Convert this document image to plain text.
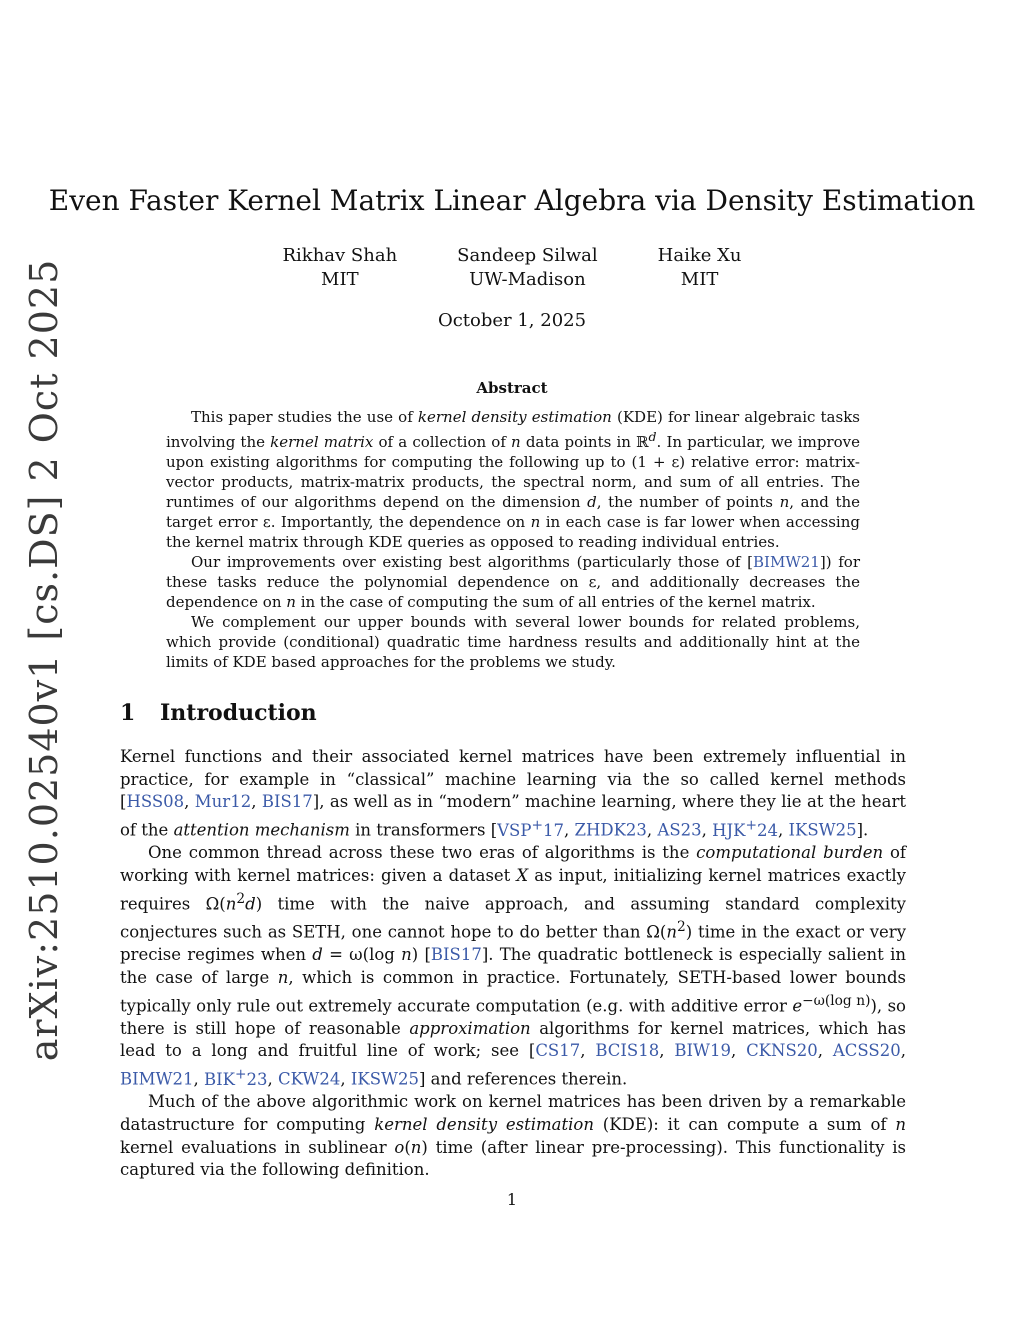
arXiv:2510.02540v1 [cs.DS] 2 Oct 2025
Even Faster Kernel Matrix Linear Algebra via Density Estimation
Rikhav Shah
MIT
Sandeep Silwal
UW-Madison
Haike Xu
MIT
October 1, 2025
Abstract

This paper studies the use of kernel density estimation (KDE) for linear algebraic tasks involving the kernel matrix of a collection of n data points in ℝ$^d$. In particular, we improve upon existing algorithms for computing the following up to (1 + ε) relative error: matrix-vector products, matrix-matrix products, the spectral norm, and sum of all entries. The runtimes of our algorithms depend on the dimension d, the number of points n, and the target error ε. Importantly, the dependence on n in each case is far lower when accessing the kernel matrix through KDE queries as opposed to reading individual entries.

Our improvements over existing best algorithms (particularly those of [BIMW21]) for these tasks reduce the polynomial dependence on ε, and additionally decreases the dependence on n in the case of computing the sum of all entries of the kernel matrix.

We complement our upper bounds with several lower bounds for related problems, which provide (conditional) quadratic time hardness results and additionally hint at the limits of KDE based approaches for the problems we study.

1 Introduction

Kernel functions and their associated kernel matrices have been extremely influential in practice, for example in “classical” machine learning via the so called kernel methods [HSS08, Mur12, BIS17], as well as in “modern” machine learning, where they lie at the heart of the attention mechanism in transformers [VSP+17, ZHDK23, AS23, HJK+24, IKSW25].

One common thread across these two eras of algorithms is the computational burden of working with kernel matrices: given a dataset X as input, initializing kernel matrices exactly requires $\Omega(n^2d)$ time with the naive approach, and assuming standard complexity conjectures such as SETH, one cannot hope to do better than $\Omega(n^2)$ time in the exact or very precise regimes when d = ω(log n) [BIS17]. The quadratic bottleneck is especially salient in the case of large n, which is common in practice. Fortunately, SETH-based lower bounds typically only rule out extremely accurate computation (e.g. with additive error $e^{-\omega(log n)}$), so there is still hope of reasonable approximation algorithms for kernel matrices, which has lead to a long and fruitful line of work; see [CS17, BCIS18, BIW19, CKNS20, ACSS20, BIMW21, BIK+23, CKW24, IKSW25] and references therein.

Much of the above algorithmic work on kernel matrices has been driven by a remarkable datastructure for computing kernel density estimation (KDE): it can compute a sum of n kernel evaluations in sublinear o(n) time (after linear pre-processing). This functionality is captured via the following definition.

1
